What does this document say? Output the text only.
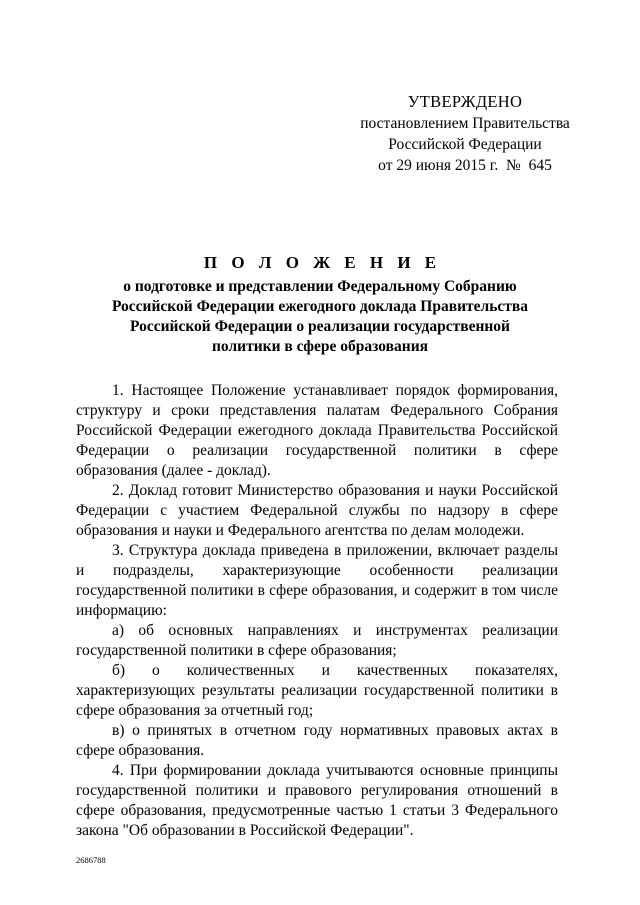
УТВЕРЖДЕНО
постановлением Правительства
Российской Федерации
от 29 июня 2015 г.  №  645
П О Л О Ж Е Н И Е
о подготовке и представлении Федеральному Собранию
Российской Федерации ежегодного доклада Правительства
Российской Федерации о реализации государственной
политики в сфере образования

1. Настоящее Положение устанавливает порядок формирования, структуру и сроки представления палатам Федерального Собрания Российской Федерации ежегодного доклада Правительства Российской Федерации о реализации государственной политики в сфере образования (далее - доклад).

2. Доклад готовит Министерство образования и науки Российской Федерации с участием Федеральной службы по надзору в сфере образования и науки и Федерального агентства по делам молодежи.

3. Структура доклада приведена в приложении, включает разделы и подразделы, характеризующие особенности реализации государственной политики в сфере образования, и содержит в том числе информацию:

а) об основных направлениях и инструментах реализации государственной политики в сфере образования;

б) о количественных и качественных показателях, характеризующих результаты реализации государственной политики в сфере образования за отчетный год;

в) о принятых в отчетном году нормативных правовых актах в сфере образования.

4. При формировании доклада учитываются основные принципы государственной политики и правового регулирования отношений в сфере образования, предусмотренные частью 1 статьи 3 Федерального закона "Об образовании в Российской Федерации".

2686788
